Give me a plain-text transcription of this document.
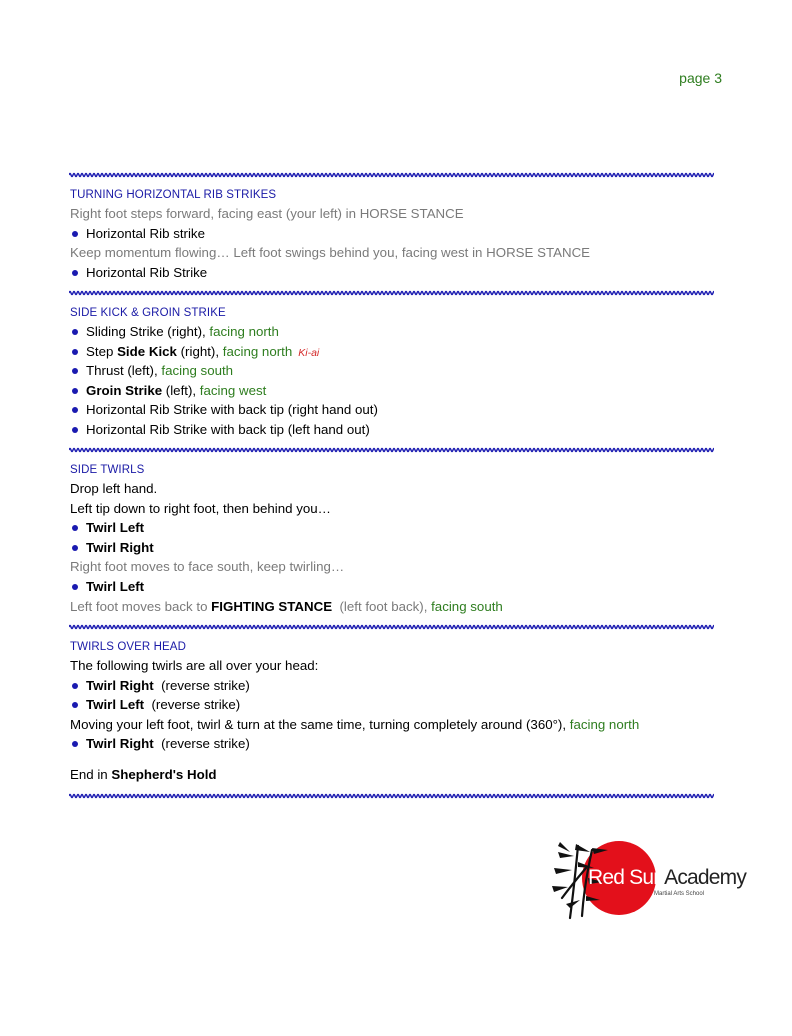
page 3
TURNING HORIZONTAL RIB STRIKES
Right foot steps forward, facing east (your left) in HORSE STANCE
Horizontal Rib strike
Keep momentum flowing… Left foot swings behind you, facing west in HORSE STANCE
Horizontal Rib Strike
SIDE KICK & GROIN STRIKE
Sliding Strike (right), facing north
Step Side Kick (right), facing north Ki-ai
Thrust (left), facing south
Groin Strike (left), facing west
Horizontal Rib Strike with back tip (right hand out)
Horizontal Rib Strike with back tip (left hand out)
SIDE TWIRLS
Drop left hand.
Left tip down to right foot, then behind you…
Twirl Left
Twirl Right
Right foot moves to face south, keep twirling…
Twirl Left
Left foot moves back to FIGHTING STANCE  (left foot back), facing south
TWIRLS OVER HEAD
The following twirls are all over your head:
Twirl Right  (reverse strike)
Twirl Left  (reverse strike)
Moving your left foot, twirl & turn at the same time, turning completely around (360°), facing north
Twirl Right  (reverse strike)
End in Shepherd's Hold
Red SunAcademy
Martial Arts School
